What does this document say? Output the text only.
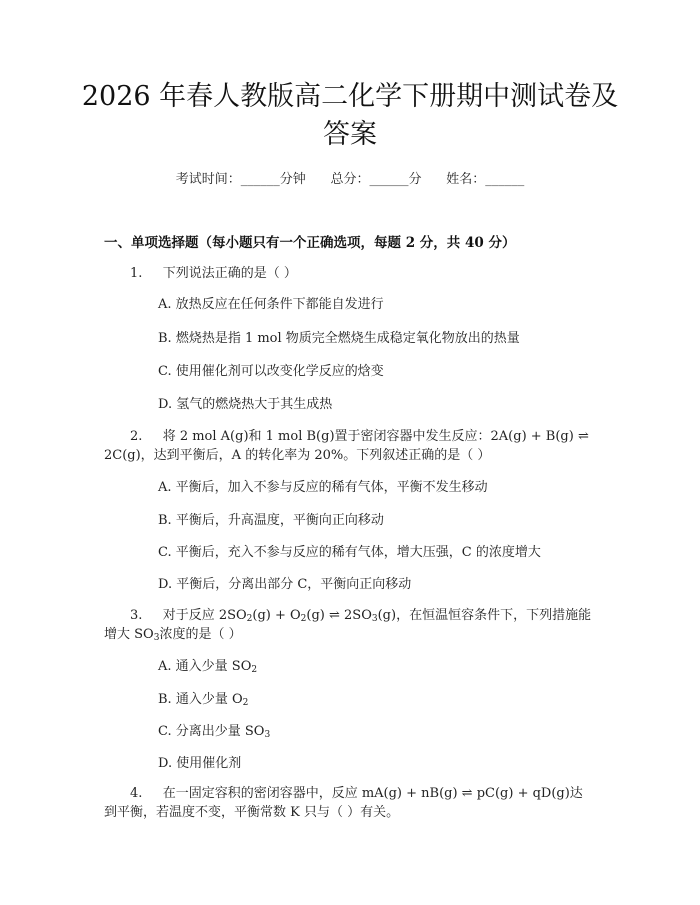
2026 年春人教版高二化学下册期中测试卷及
答案
考试时间：______分钟      总分：______分      姓名：______
一、单项选择题（每小题只有一个正确选项，每题 2 分，共 40 分）
1. 下列说法正确的是（ ）
A. 放热反应在任何条件下都能自发进行
B. 燃烧热是指 1 mol 物质完全燃烧生成稳定氧化物放出的热量
C. 使用催化剂可以改变化学反应的焓变
D. 氢气的燃烧热大于其生成热
2. 将 2 mol A(g)和 1 mol B(g)置于密闭容器中发生反应：2A(g) + B(g) ⇌
2C(g)，达到平衡后，A 的转化率为 20%。下列叙述正确的是（ ）
A. 平衡后，加入不参与反应的稀有气体，平衡不发生移动
B. 平衡后，升高温度，平衡向正向移动
C. 平衡后，充入不参与反应的稀有气体，增大压强，C 的浓度增大
D. 平衡后，分离出部分 C，平衡向正向移动
3. 对于反应 $2SO_2(g) + O_2(g)$ ⇌ $2SO_3(g)$，在恒温恒容条件下，下列措施能
增大 $SO_3$浓度的是（ ）
A. 通入少量 $SO_2$
B. 通入少量 $O_2$
C. 分离出少量 $SO_3$
D. 使用催化剂
4. 在一固定容积的密闭容器中，反应 mA(g) + nB(g) ⇌ pC(g) + qD(g)达
到平衡，若温度不变，平衡常数 K 只与（ ）有关。
